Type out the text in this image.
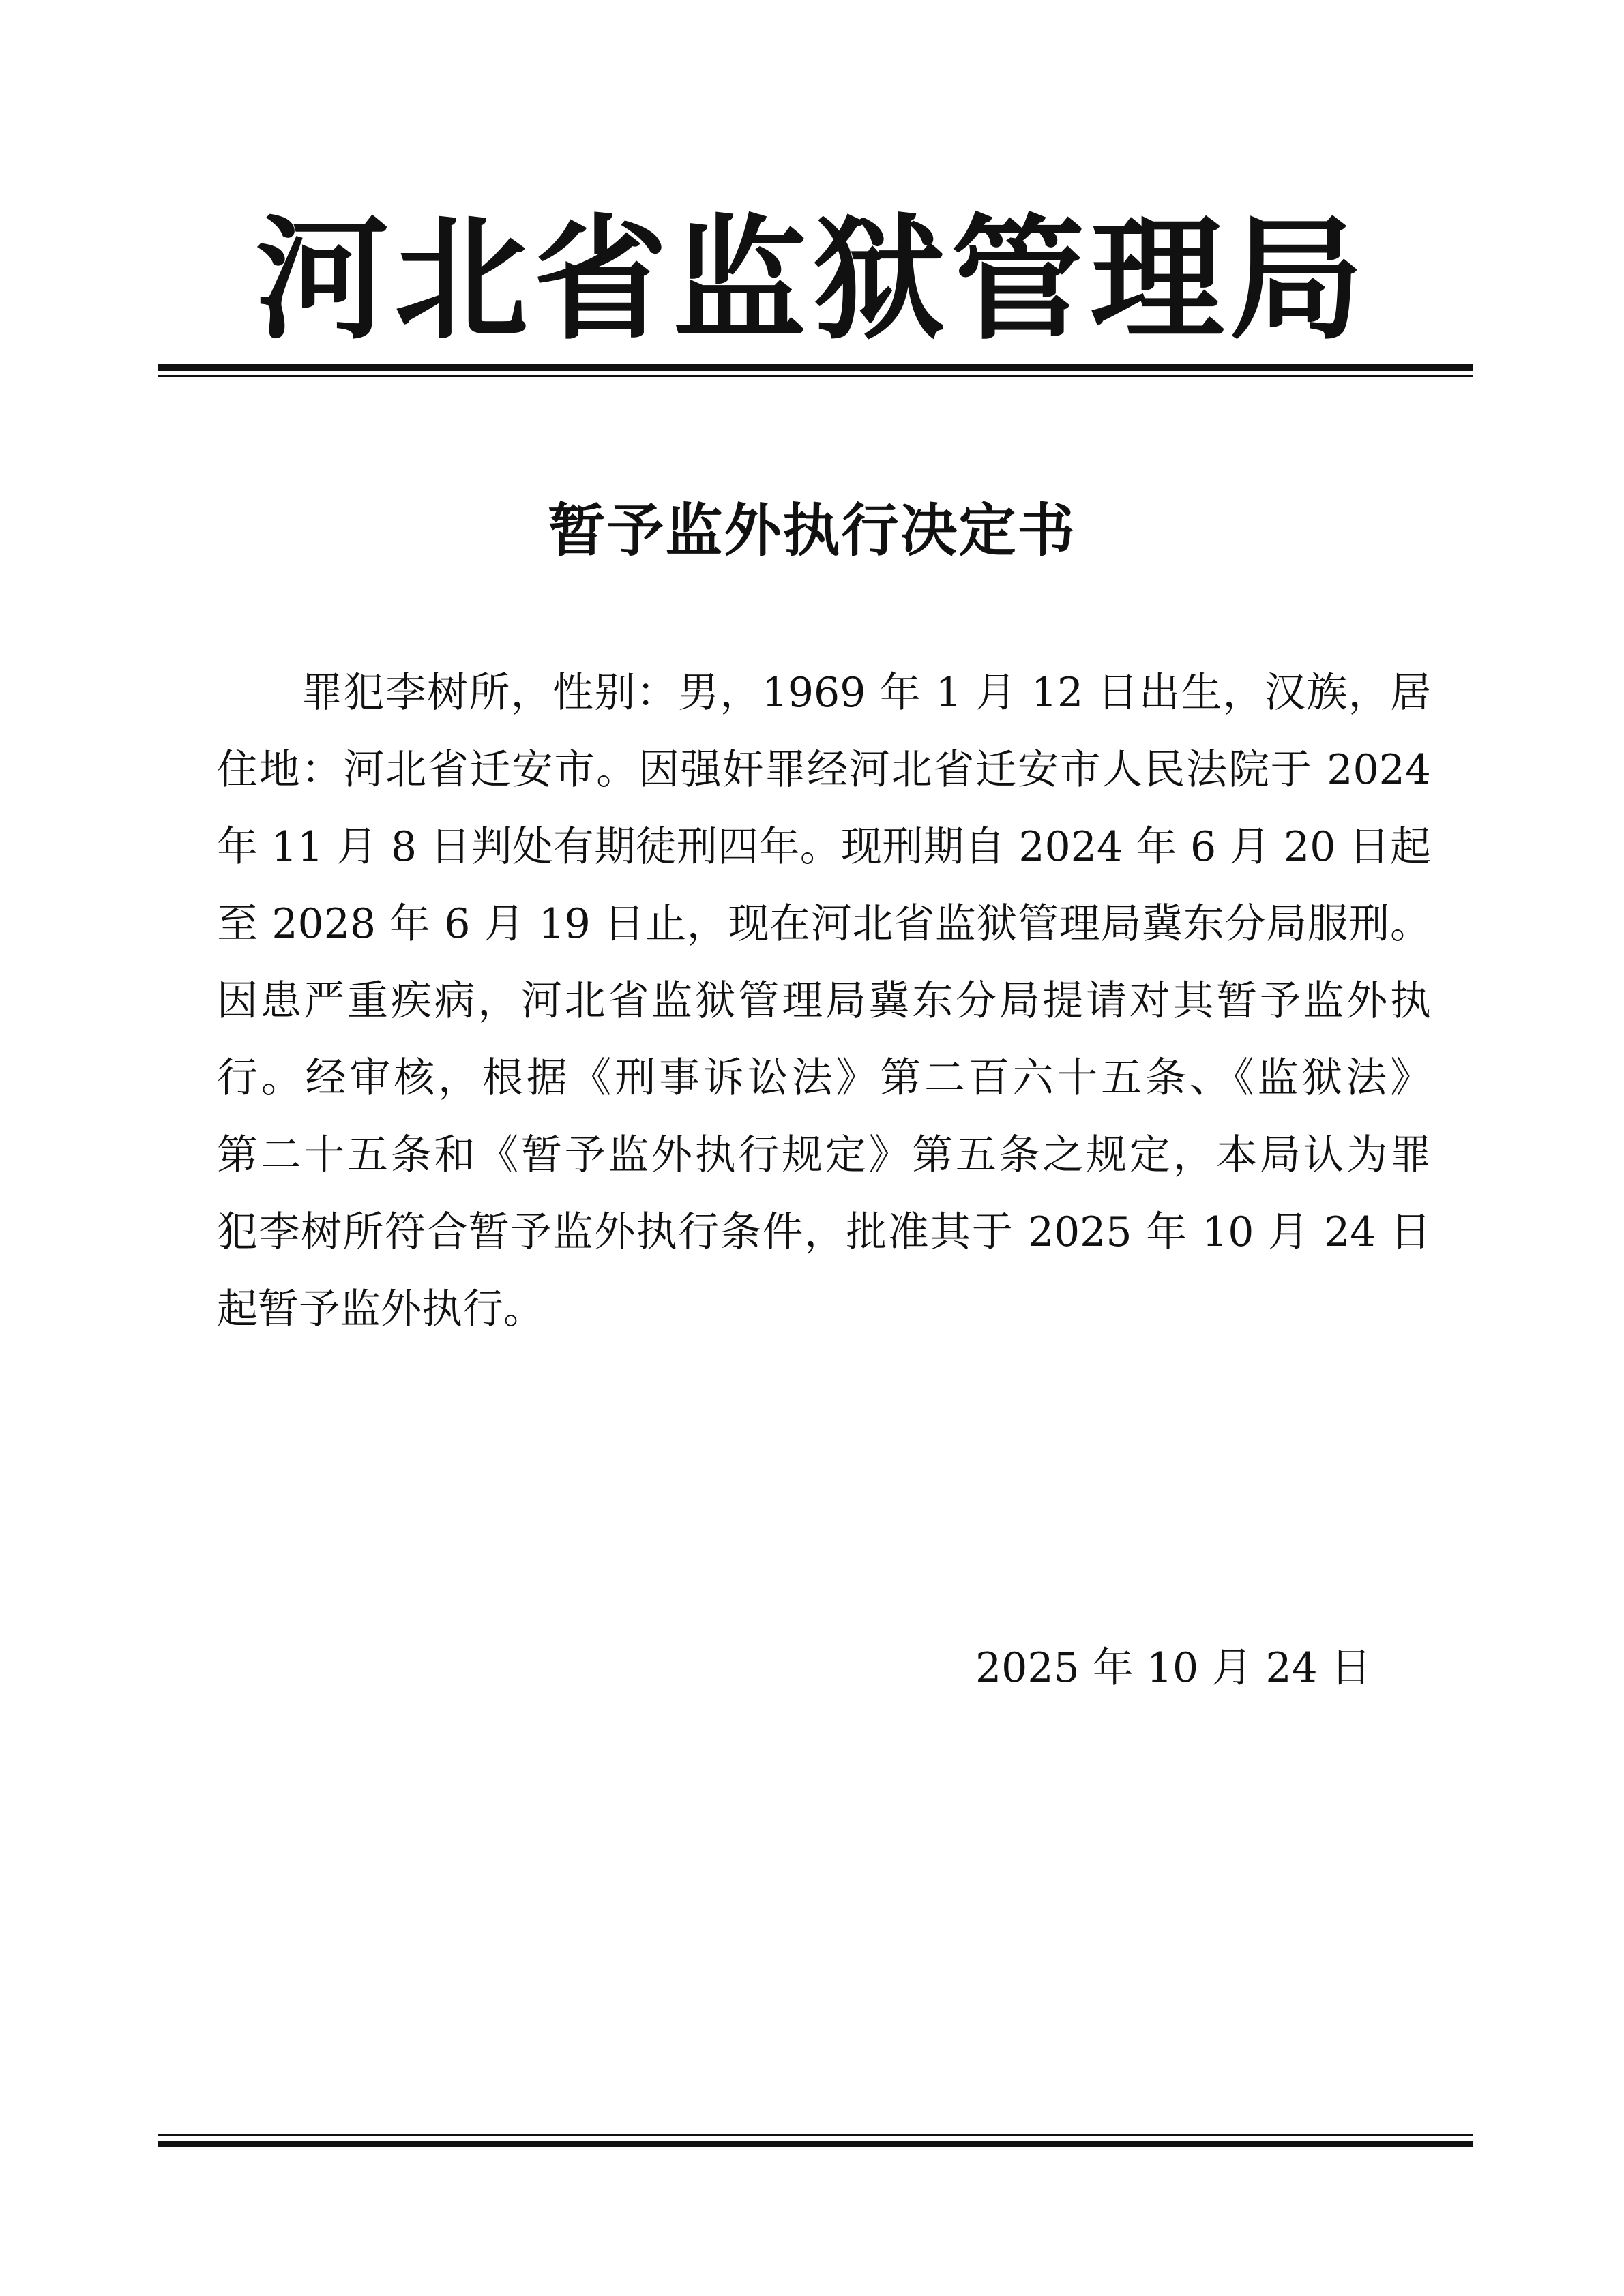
河北省监狱管理局
暂予监外执行决定书
罪犯李树所，性别：男，1969 年 1 月 12 日出生，汉族，居
住地：河北省迁安市。因强奸罪经河北省迁安市人民法院于 2024
年 11 月 8 日判处有期徒刑四年。现刑期自 2024 年 6 月 20 日起
至 2028 年 6 月 19 日止，现在河北省监狱管理局冀东分局服刑。
因患严重疾病，河北省监狱管理局冀东分局提请对其暂予监外执
行。经审核，根据《刑事诉讼法》第二百六十五条、《监狱法》
第二十五条和《暂予监外执行规定》第五条之规定，本局认为罪
犯李树所符合暂予监外执行条件，批准其于 2025 年 10 月 24 日
起暂予监外执行。
2025 年 10 月 24 日
